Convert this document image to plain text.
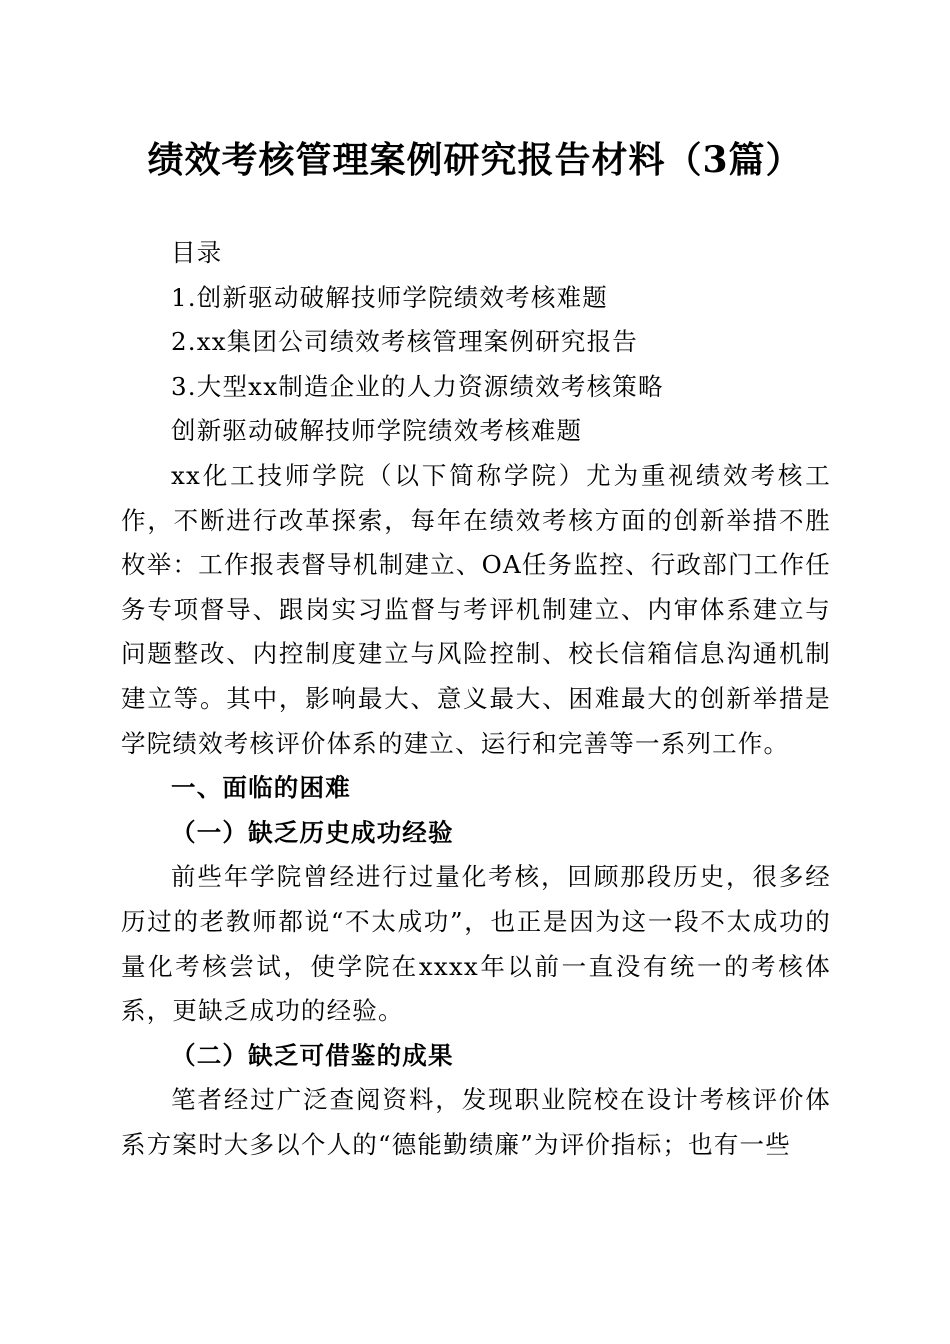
绩效考核管理案例研究报告材料（3篇）

目录

1.创新驱动破解技师学院绩效考核难题

2.xx集团公司绩效考核管理案例研究报告

3.大型xx制造企业的人力资源绩效考核策略

创新驱动破解技师学院绩效考核难题

xx化工技师学院（以下简称学院）尤为重视绩效考核工作，不断进行改革探索，每年在绩效考核方面的创新举措不胜枚举：工作报表督导机制建立、OA任务监控、行政部门工作任务专项督导、跟岗实习监督与考评机制建立、内审体系建立与问题整改、内控制度建立与风险控制、校长信箱信息沟通机制建立等。其中，影响最大、意义最大、困难最大的创新举措是学院绩效考核评价体系的建立、运行和完善等一系列工作。

一、面临的困难

（一）缺乏历史成功经验

前些年学院曾经进行过量化考核，回顾那段历史，很多经历过的老教师都说“不太成功”，也正是因为这一段不太成功的量化考核尝试，使学院在xxxx年以前一直没有统一的考核体系，更缺乏成功的经验。

（二）缺乏可借鉴的成果

笔者经过广泛查阅资料，发现职业院校在设计考核评价体系方案时大多以个人的“德能勤绩廉”为评价指标；也有一些
